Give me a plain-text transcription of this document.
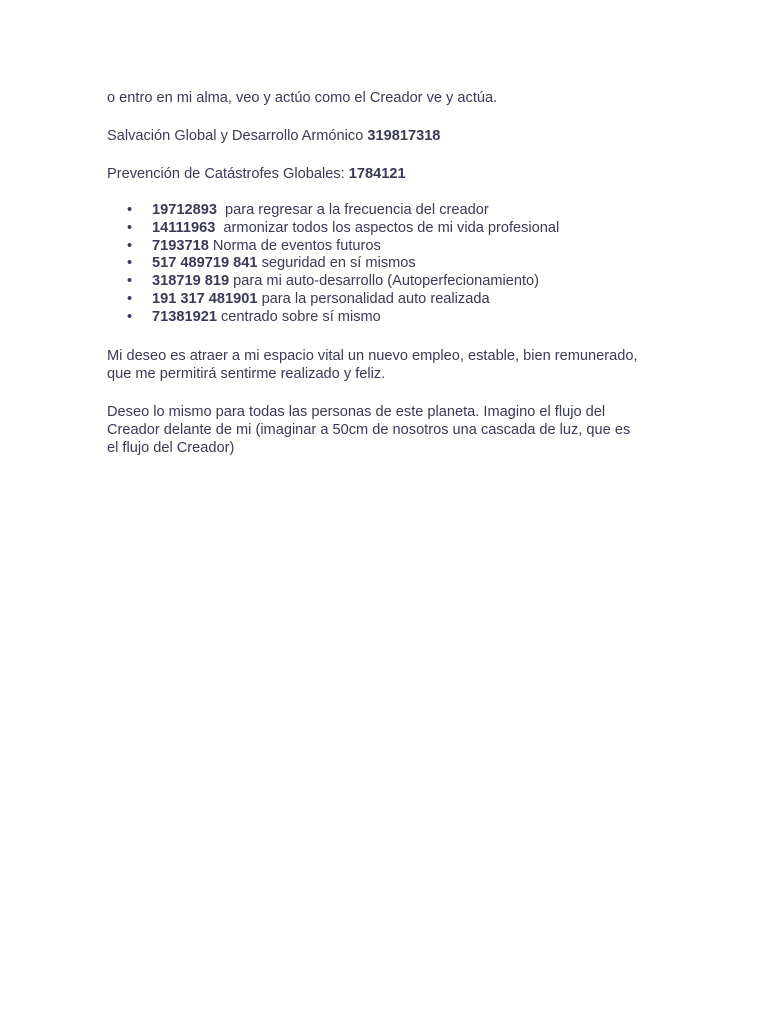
o entro en mi alma, veo y actúo como el Creador ve y actúa.

Salvación Global y Desarrollo Armónico 319817318

Prevención de Catástrofes Globales: 1784121

• 19712893  para regresar a la frecuencia del creador
• 14111963  armonizar todos los aspectos de mi vida profesional
• 7193718 Norma de eventos futuros
• 517 489719 841 seguridad en sí mismos
• 318719 819 para mi auto-desarrollo (Autoperfecionamiento)
• 191 317 481901 para la personalidad auto realizada
• 71381921 centrado sobre sí mismo

Mi deseo es atraer a mi espacio vital un nuevo empleo, estable, bien remunerado,
que me permitirá sentirme realizado y feliz.

Deseo lo mismo para todas las personas de este planeta. Imagino el flujo del
Creador delante de mi (imaginar a 50cm de nosotros una cascada de luz, que es
el flujo del Creador)
